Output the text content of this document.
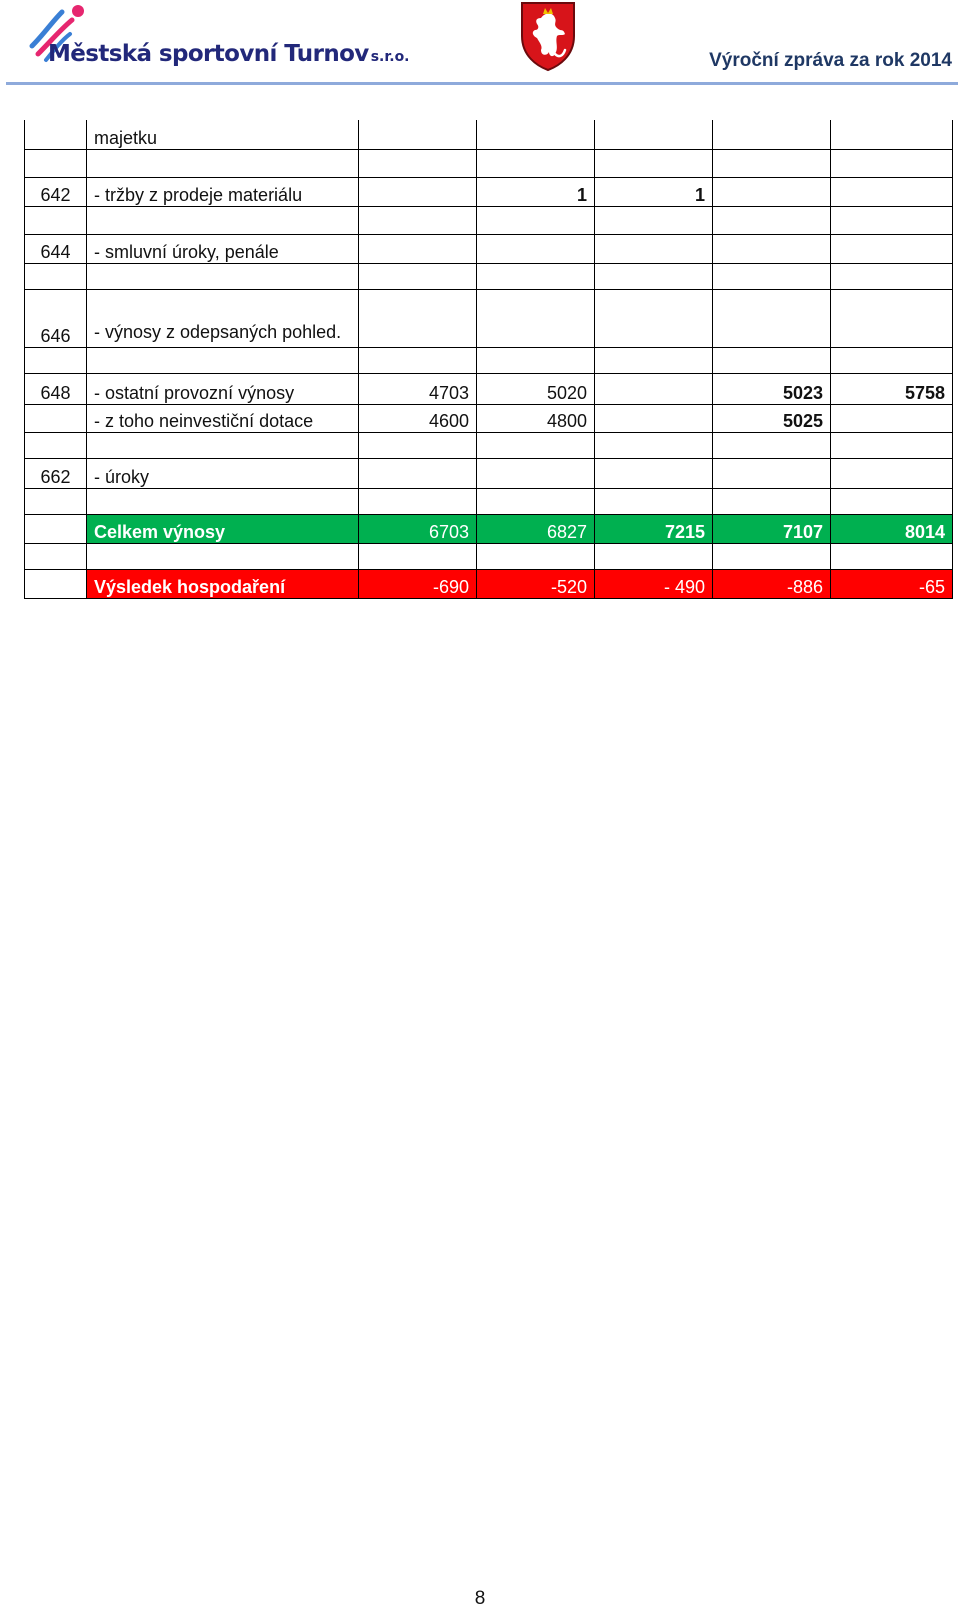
Městská sportovní Turnov s.r.o.	Výroční zpráva za rok 2014
	majetku					

642	- tržby z prodeje materiálu		1	1		

644	- smluvní úroky, penále					

646	- výnosy z odepsaných pohled.					

648	- ostatní provozní výnosy	4703	5020		5023	5758
	- z toho neinvestiční dotace	4600	4800		5025	

662	- úroky					

	Celkem výnosy	6703	6827	7215	7107	8014

	Výsledek hospodaření	-690	-520	- 490	-886	-65
8
